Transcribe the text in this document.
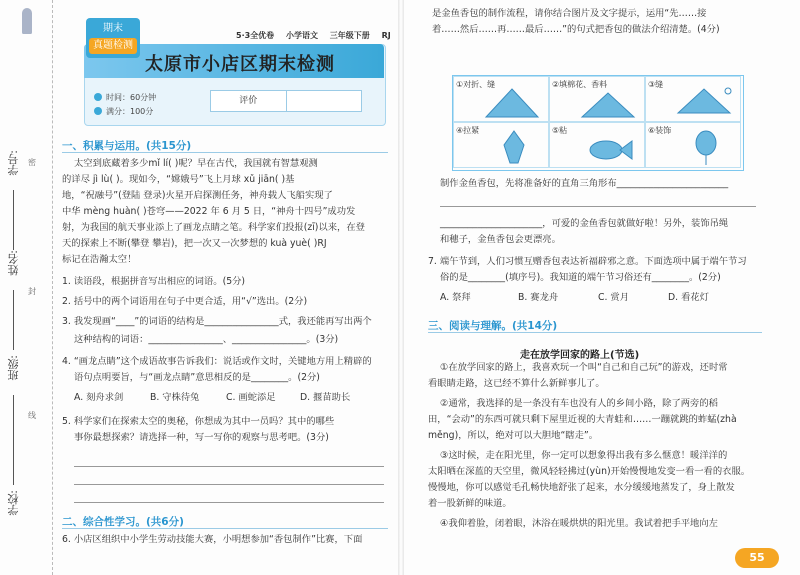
学号:
姓名:
班级:
学校:
密
封
线
期末
真题检测
5·3全优卷 小学语文 三年级下册 RJ
太原市小店区期末检测
时间：60分钟
满分：100分
评价
一、积累与运用。(共15分)
太空到底藏着多少mǐ lí( )呢？早在古代，我国就有智慧观测
的详尽 jì lù( )。现如今，“嫦娥号”飞上月球 xǔ jiān( )基
地，“祝融号”(登陆 登录)火星开启探测任务，神舟载人飞船实现了
中华 mèng huàn( )苍穹——2022 年 6 月 5 日，“神舟十四号”成功发
射，为我国的航天事业添上了画龙点睛之笔。科学家们投报(zī)以来，在登
天的探索上不断(攀登 攀岩)，把一次又一次梦想的 kuà yuè( )RJ
标记在浩瀚太空！
1. 读语段，根据拼音写出相应的词语。(5分)
2. 括号中的两个词语用在句子中更合适，用“√”选出。(2分)
3. 我发现画“____”的词语的结构是________________式，我还能再写出两个
这种结构的词语：________________、________________。(3分)
4. “画龙点睛”这个成语故事告诉我们：说话或作文时，关键地方用上精辟的
语句点明要旨，与“画龙点睛”意思相反的是________。(2分)
A. 刻舟求剑	B. 守株待兔	C. 画蛇添足	D. 揠苗助长
5. 科学家们在探索太空的奥秘，你想成为其中一员吗？其中的哪些
事你最想探索？请选择一种，写一写你的观察与思考吧。(3分)
二、综合性学习。(共6分)
6. 小店区组织中小学生劳动技能大赛，小明想参加“香包制作”比赛，下面
是金鱼香包的制作流程，请你结合图片及文字提示，运用“先……接
着……然后……再……最后……”的句式把香包的做法介绍清楚。(4分)
①对折、缝	②填棉花、香料	③缝
④拉紧	⑤粘	⑥装饰
制作金鱼香包，先将准备好的直角三角形布________________________
______________________，可爱的金鱼香包就做好啦！另外，装饰吊绳
和穗子，金鱼香包会更漂亮。
7. 端午节到，人们习惯互赠香包表达祈福辟邪之意。下面选项中属于端午节习
俗的是________(填序号)。我知道的端午节习俗还有________。(2分)
A. 祭拜	B. 赛龙舟	C. 赏月	D. 看花灯
三、阅读与理解。(共14分)
走在放学回家的路上(节选)
①在放学回家的路上，我喜欢玩一个叫“自己和自己玩”的游戏，还时常
看眼睛走路，这已经不算什么新鲜事儿了。
②通常，我选择的是一条没有车也没有人的乡间小路，除了两旁的稻
田，“会动”的东西可就只剩下屋里近视的大青蛙和……一蹦就跳的蚱蜢(zhà
měng)，所以，绝对可以大胆地“瞎走”。
③这时候，走在阳光里，你一定可以想象得出我有多么惬意！暖洋洋的
太阳晒在深蓝的天空里，微风轻轻拂过(yùn)开始慢慢地发变一看一看的衣服。
慢慢地，你可以感觉毛孔畅快地舒张了起来，水分缓缓地蒸发了，身上散发
着一股新鲜的味道。
④我仰着脸，闭着眼，沐浴在暖烘烘的阳光里。我试着把手平地向左
55
